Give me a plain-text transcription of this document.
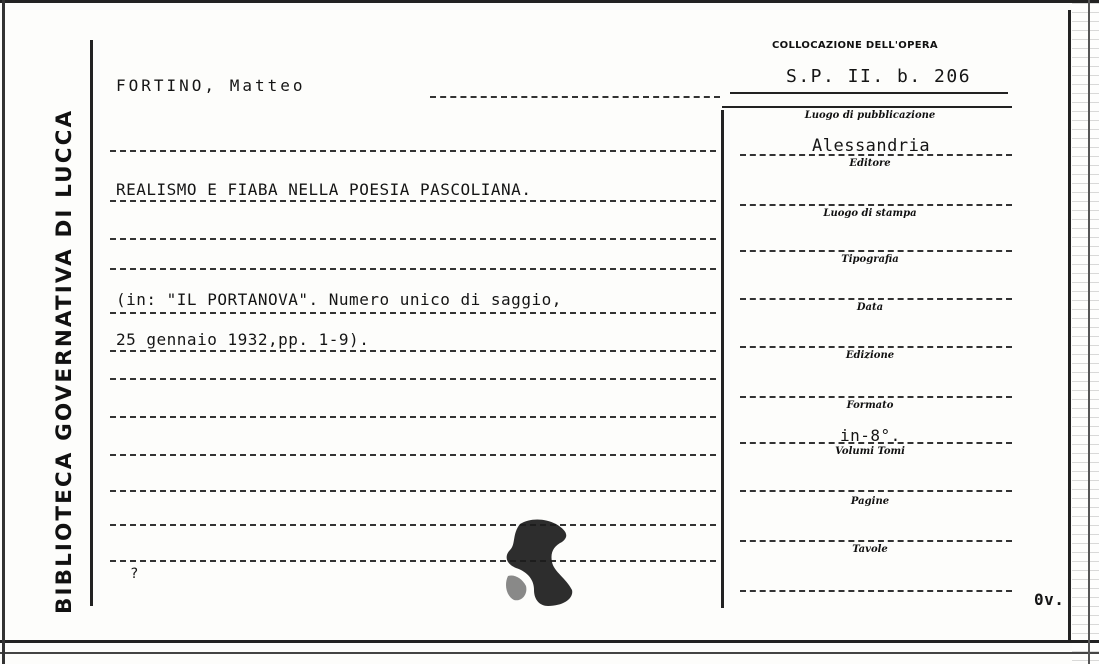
BIBLIOTECA GOVERNATIVA DI LUCCA
COLLOCAZIONE DELL'OPERA
S.P. II. b. 206
FORTINO, Matteo
REALISMO E FIABA NELLA POESIA PASCOLIANA.
(in: "IL PORTANOVA". Numero unico di saggio,
25 gennaio 1932,pp. 1-9).
?
Luogo di pubblicazione
Alessandria
Editore
Luogo di stampa
Tipografia
Data
Edizione
Formato
in-8°.
Volumi Tomi
Pagine
Tavole
0v.
